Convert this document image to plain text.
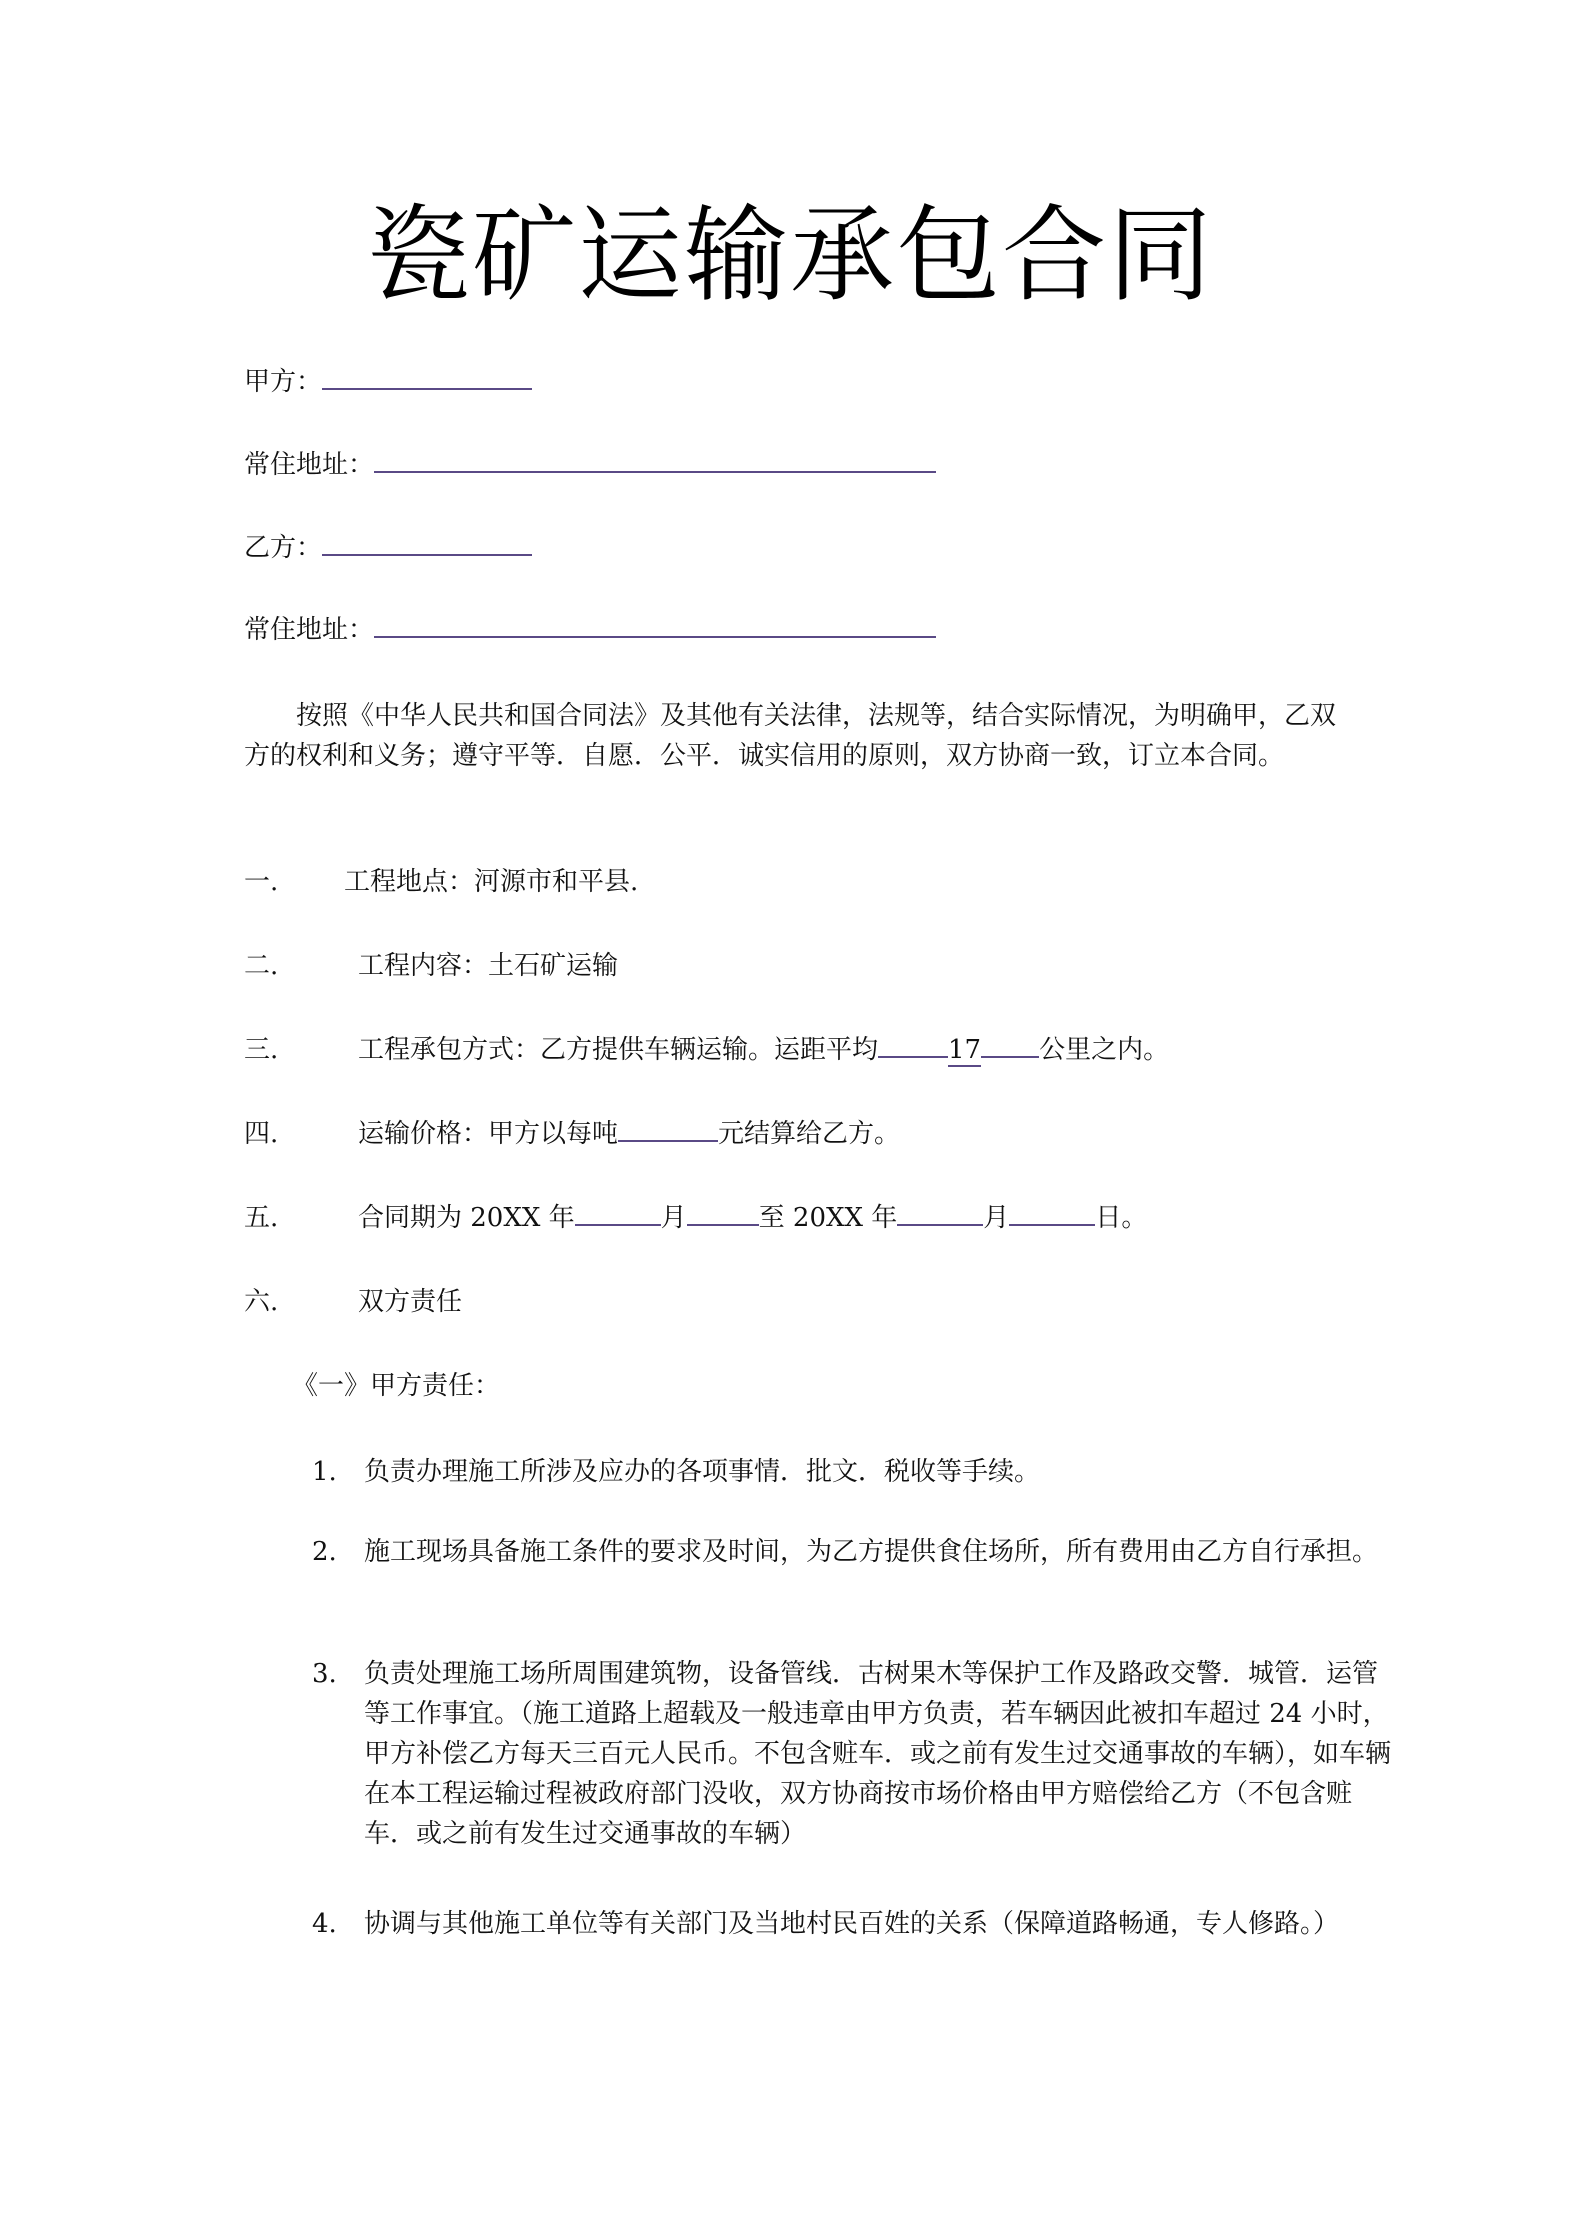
瓷矿运输承包合同
甲方：
常住地址：
乙方：
常住地址：
按照《中华人民共和国合同法》及其他有关法律，法规等，结合实际情况，为明确甲，乙双方的权利和义务；遵守平等．自愿．公平．诚实信用的原则，双方协商一致，订立本合同。
一.	工程地点：河源市和平县.
二.	工程内容：土石矿运输
三.	工程承包方式：乙方提供车辆运输。运距平均	17 公里之内。
四.	运输价格：甲方以每吨	元结算给乙方。
五.	合同期为 20XX 年	月	至 20XX 年	月	日。
六.	双方责任
《一》甲方责任：
1. 负责办理施工所涉及应办的各项事情．批文．税收等手续。
2. 施工现场具备施工条件的要求及时间，为乙方提供食住场所，所有费用由乙方自行承担。
3. 负责处理施工场所周围建筑物，设备管线．古树果木等保护工作及路政交警．城管．运管等工作事宜。（施工道路上超载及一般违章由甲方负责，若车辆因此被扣车超过 24 小时，甲方补偿乙方每天三百元人民币。不包含赃车．或之前有发生过交通事故的车辆），如车辆在本工程运输过程被政府部门没收，双方协商按市场价格由甲方赔偿给乙方（不包含赃车．或之前有发生过交通事故的车辆）
4. 协调与其他施工单位等有关部门及当地村民百姓的关系（保障道路畅通，专人修路。）
